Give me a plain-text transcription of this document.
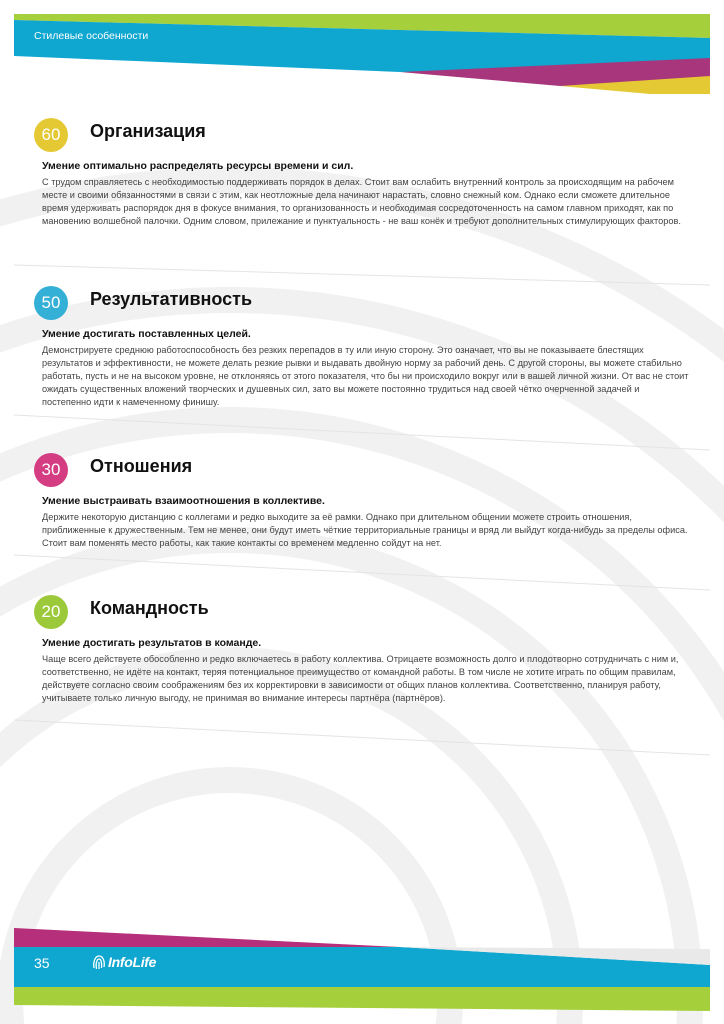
Стилевые особенности
60	Организация
Умение оптимально распределять ресурсы времени и сил.
С трудом справляетесь с необходимостью поддерживать порядок в делах. Стоит вам ослабить внутренний контроль за происходящим на рабочем месте и своими обязанностями в связи с этим, как неотложные дела начинают нарастать, словно снежный ком. Однако если сможете длительное время удерживать распорядок дня в фокусе внимания, то организованность и необходимая сосредоточенность на самом главном приходят, как по мановению волшебной палочки. Одним словом, прилежание и пунктуальность - не ваш конёк и требуют дополнительных стимулирующих факторов.
50	Результативность
Умение достигать поставленных целей.
Демонстрируете среднюю работоспособность без резких перепадов в ту или иную сторону. Это означает, что вы не показываете блестящих результатов и эффективности, не можете делать резкие рывки и выдавать двойную норму за рабочий день. С другой стороны, вы можете стабильно работать, пусть и не на высоком уровне, не отклоняясь от этого показателя, что бы ни происходило вокруг или в вашей личной жизни. От вас не стоит ожидать существенных вложений творческих и душевных сил, зато вы можете постоянно трудиться над своей чётко очерченной задачей и постепенно идти к намеченному финишу.
30	Отношения
Умение выстраивать взаимоотношения в коллективе.
Держите некоторую дистанцию с коллегами и редко выходите за её рамки. Однако при длительном общении можете строить отношения, приближенные к дружественным. Тем не менее, они будут иметь чёткие территориальные границы и вряд ли выйдут когда-нибудь за пределы офиса. Стоит вам поменять место работы, как такие контакты со временем медленно сойдут на нет.
20	Командность
Умение достигать результатов в команде.
Чаще всего действуете обособленно и редко включаетесь в работу коллектива. Отрицаете возможность долго и плодотворно сотрудничать с ним и, соответственно, не идёте на контакт, теряя потенциальное преимущество от командной работы. В том числе не хотите играть по общим правилам, действуете согласно своим соображениям без их корректировки в зависимости от общих планов коллектива. Соответственно, планируя работу, учитываете только личную выгоду, не принимая во внимание интересы партнёра (партнёров).
35	InfoLife
